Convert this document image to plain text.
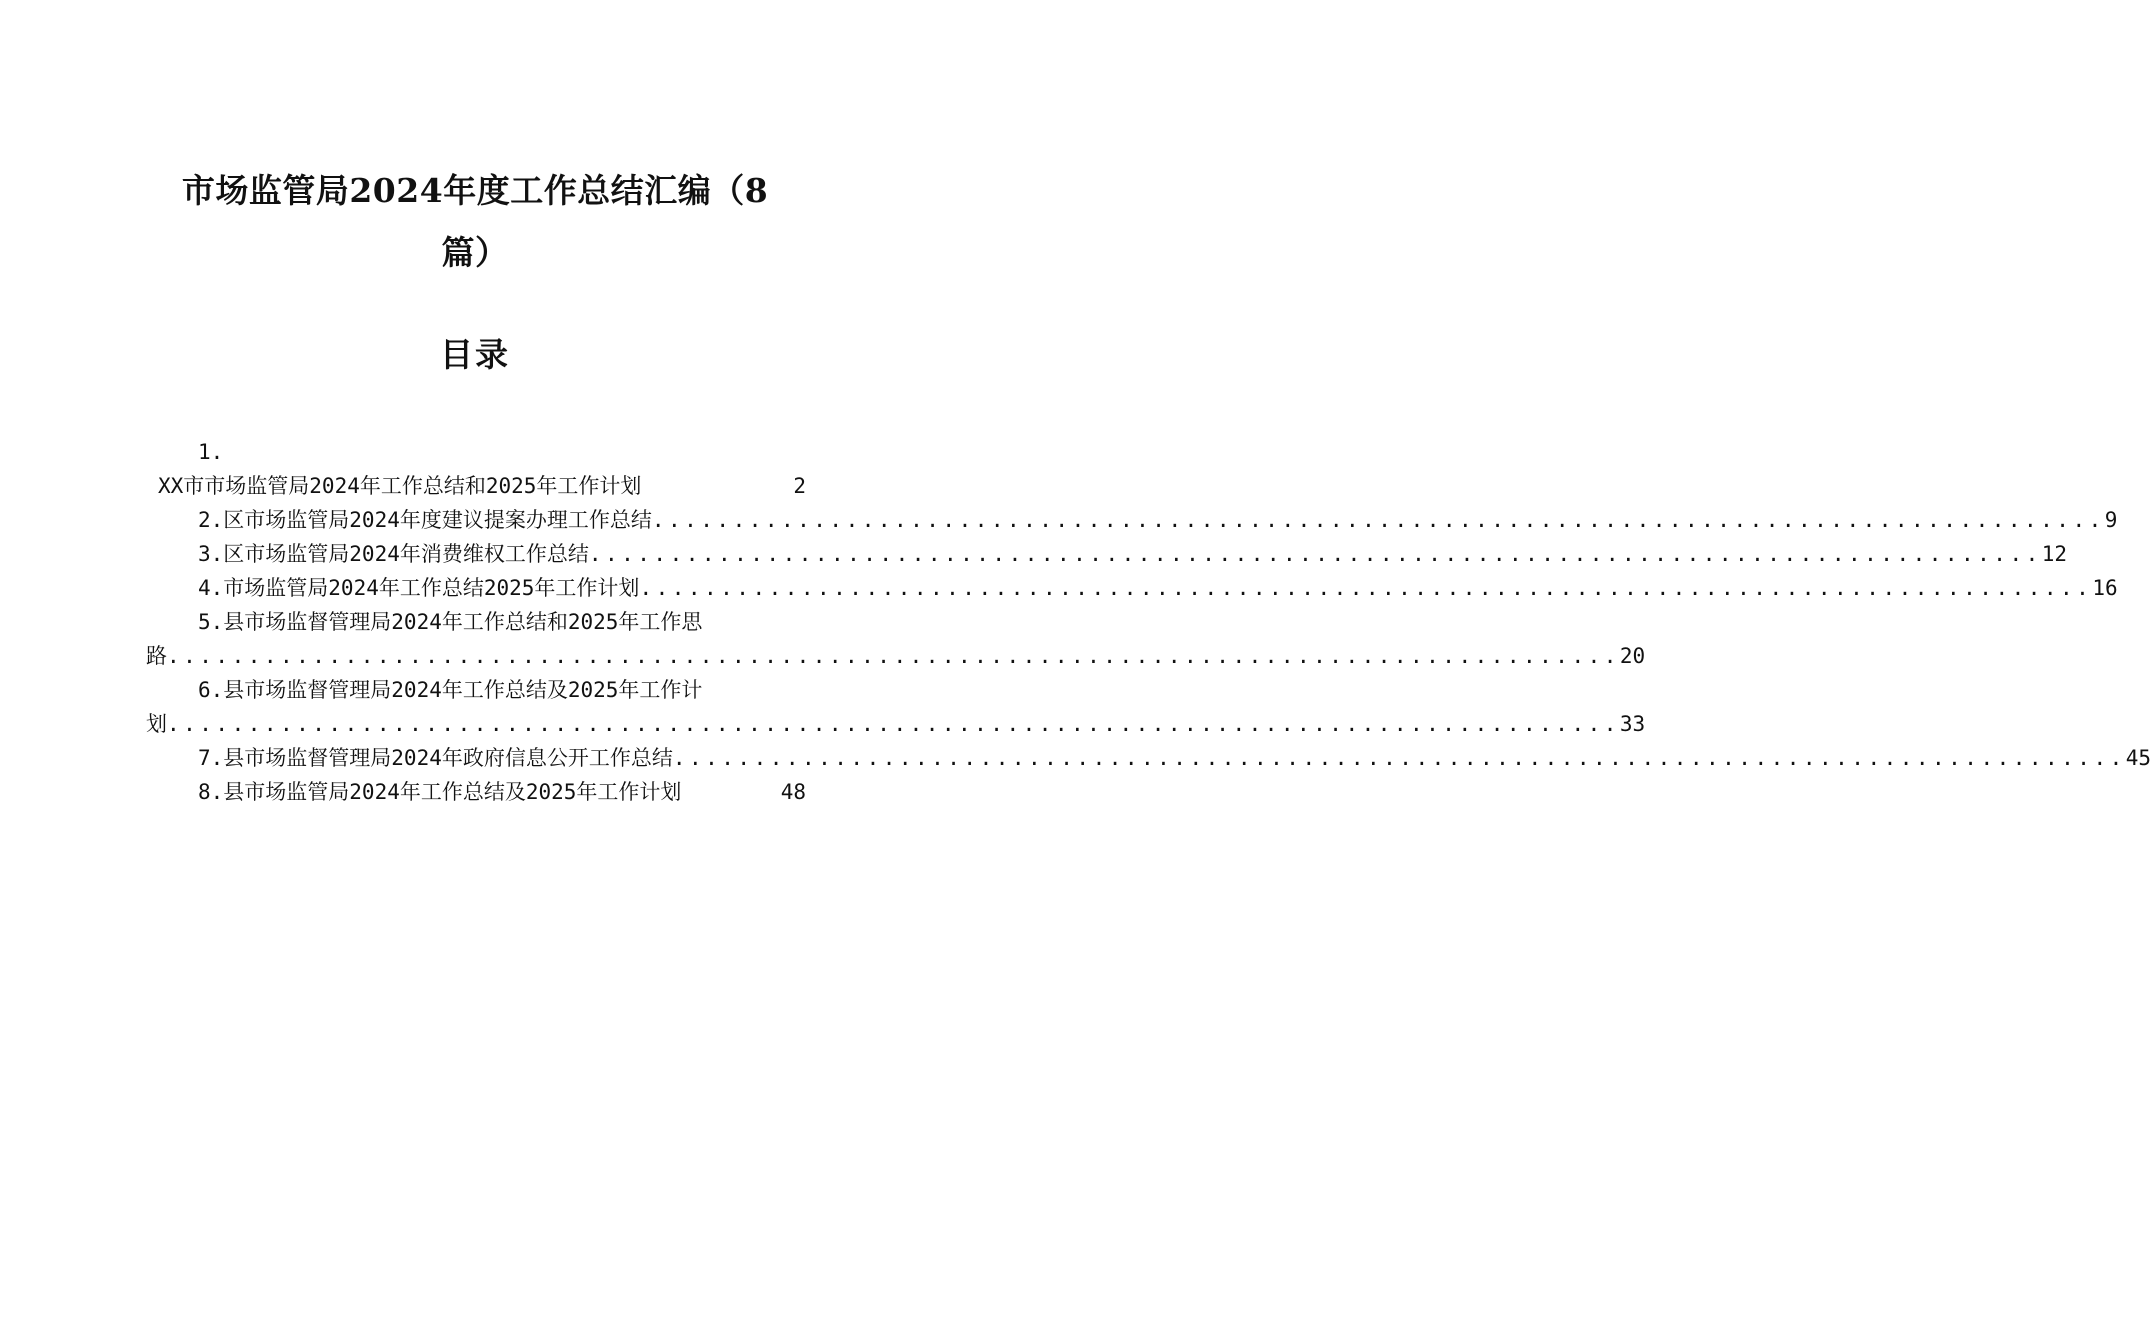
市场监管局2024年度工作总结汇编（8
篇）
目录
1.
XX市市场监管局2024年工作总结和2025年工作计划	2
2.区市场监管局2024年度建议提案办理工作总结 .......................................................................................... 9
3.区市场监管局2024年消费维权工作总结 .......................................................................................... 12
4.市场监管局2024年工作总结2025年工作计划 .......................................................................................... 16
5.县市场监督管理局2024年工作总结和2025年工作思
路 .......................................................................................... 20
6.县市场监督管理局2024年工作总结及2025年工作计
划 .......................................................................................... 33
7.县市场监督管理局2024年政府信息公开工作总结 .......................................................................................... 45
8.县市场监管局2024年工作总结及2025年工作计划	48
